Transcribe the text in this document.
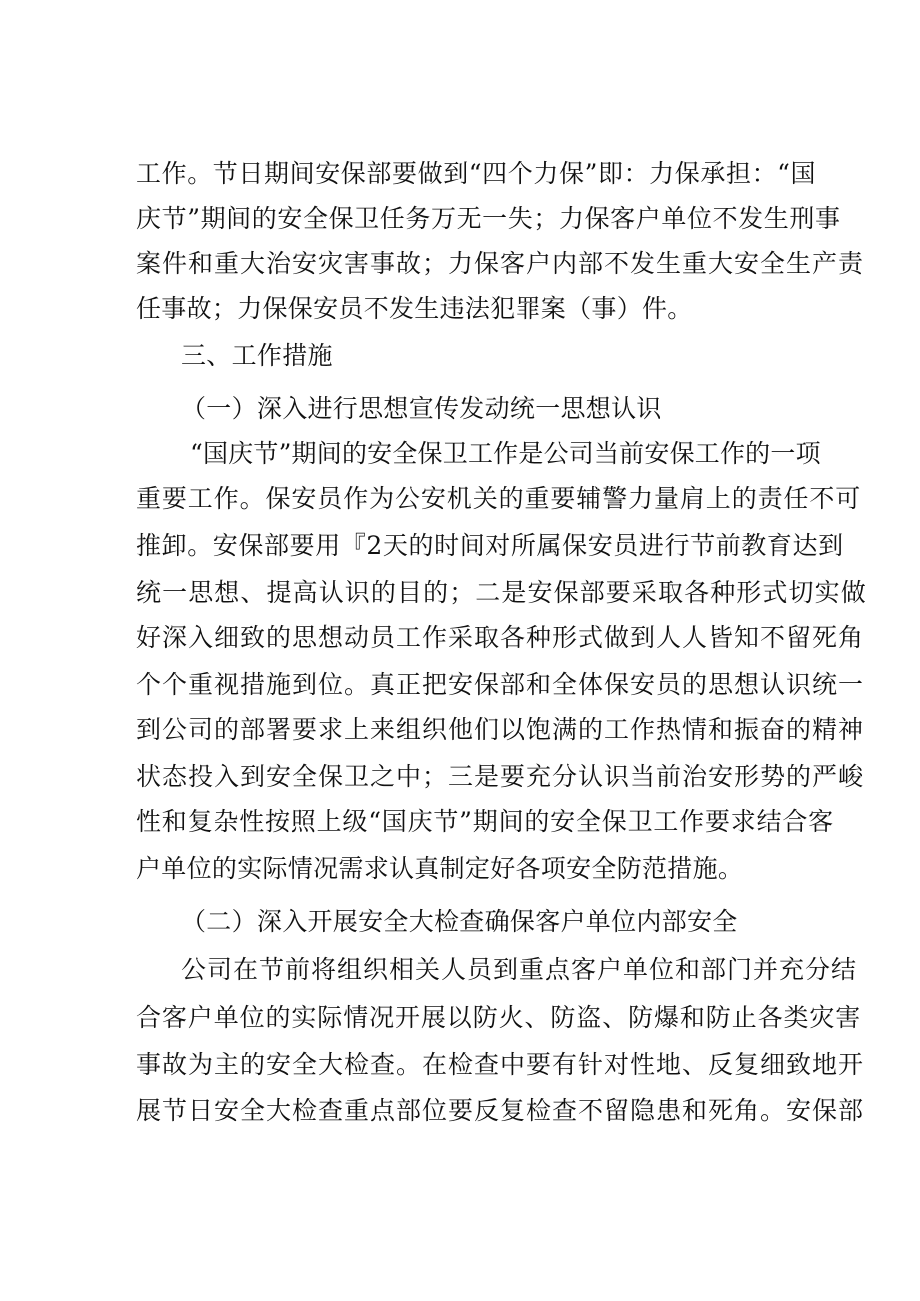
工作。节日期间安保部要做到“四个力保”即：力保承担：“国
庆节”期间的安全保卫任务万无一失；力保客户单位不发生刑事
案件和重大治安灾害事故；力保客户内部不发生重大安全生产责
任事故；力保保安员不发生违法犯罪案（事）件。
三、工作措施
（一）深入进行思想宣传发动统一思想认识
“国庆节”期间的安全保卫工作是公司当前安保工作的一项
重要工作。保安员作为公安机关的重要辅警力量肩上的责任不可
推卸。安保部要用『2天的时间对所属保安员进行节前教育达到
统一思想、提高认识的目的；二是安保部要采取各种形式切实做
好深入细致的思想动员工作采取各种形式做到人人皆知不留死角
个个重视措施到位。真正把安保部和全体保安员的思想认识统一
到公司的部署要求上来组织他们以饱满的工作热情和振奋的精神
状态投入到安全保卫之中；三是要充分认识当前治安形势的严峻
性和复杂性按照上级“国庆节”期间的安全保卫工作要求结合客
户单位的实际情况需求认真制定好各项安全防范措施。
（二）深入开展安全大检查确保客户单位内部安全
公司在节前将组织相关人员到重点客户单位和部门并充分结
合客户单位的实际情况开展以防火、防盗、防爆和防止各类灾害
事故为主的安全大检查。在检查中要有针对性地、反复细致地开
展节日安全大检查重点部位要反复检查不留隐患和死角。安保部
